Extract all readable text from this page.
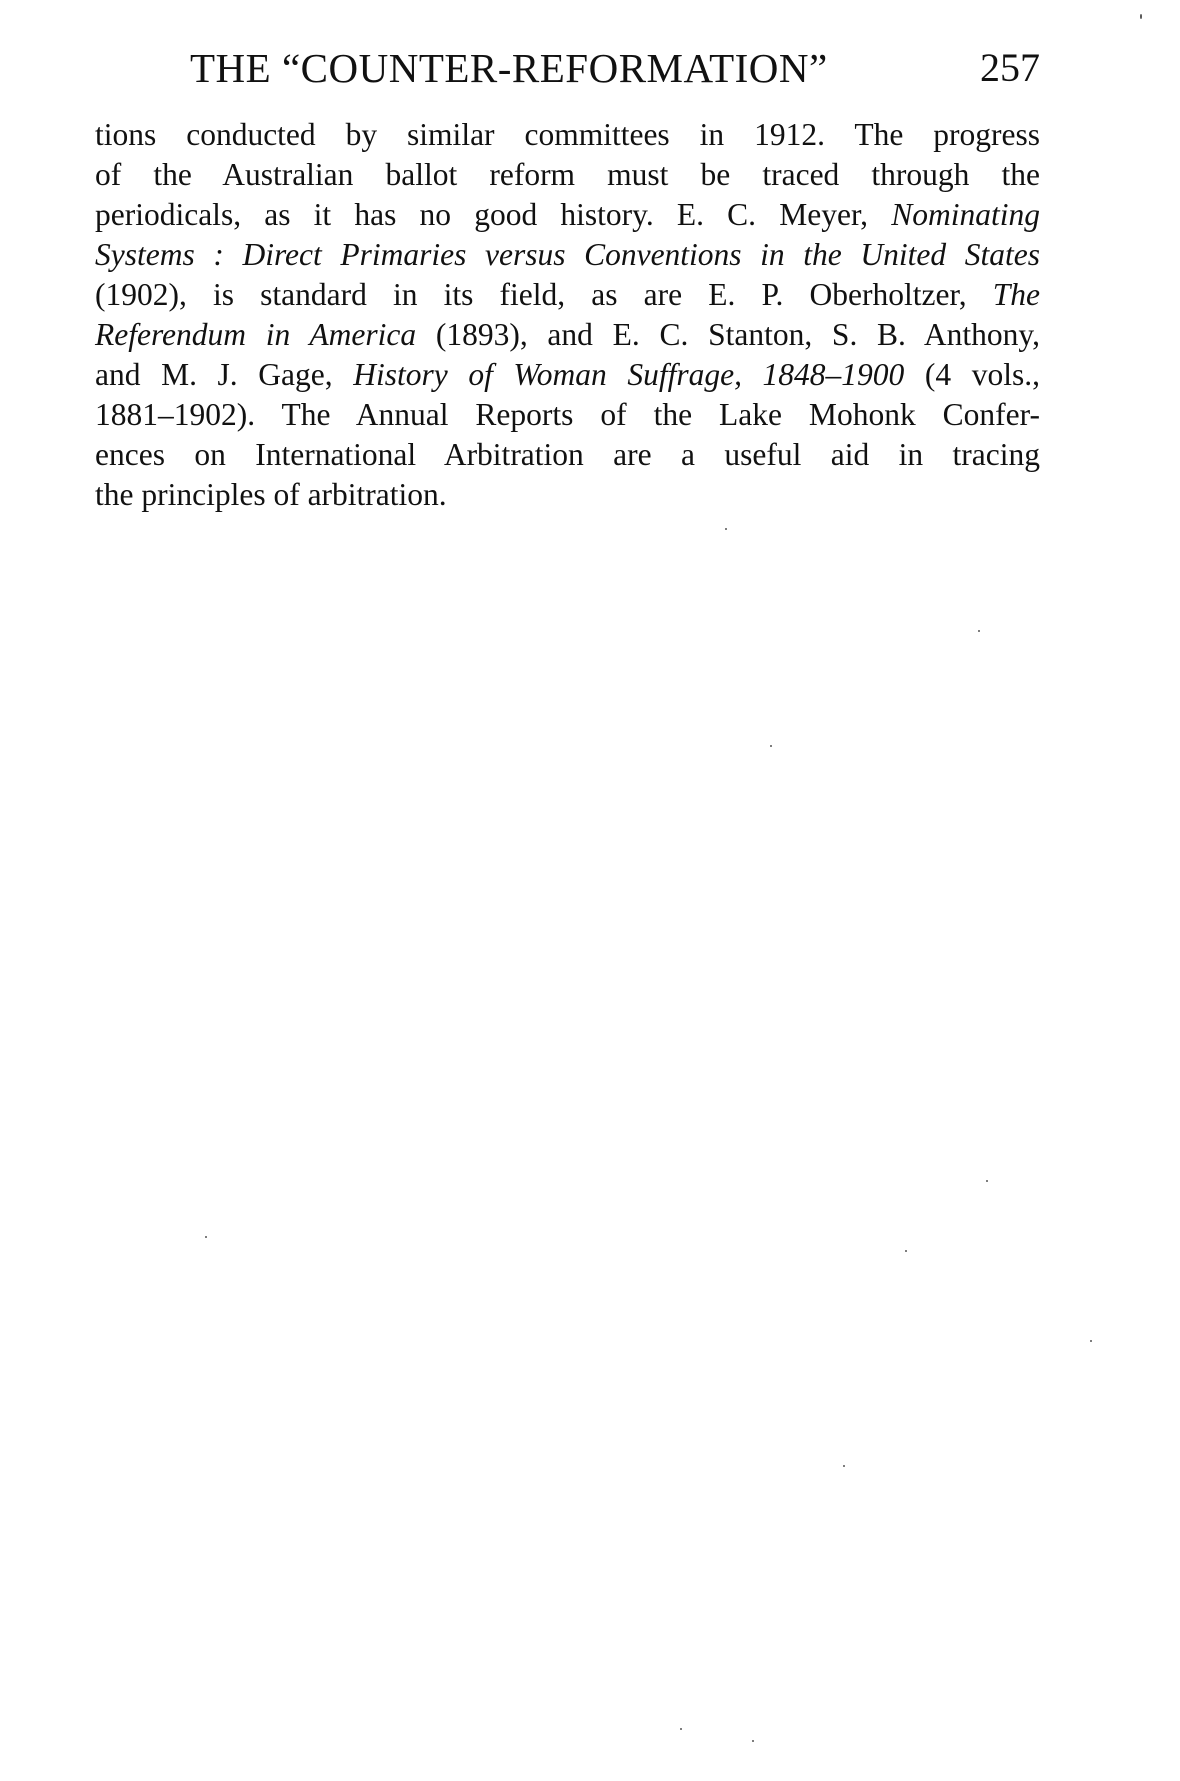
THE “COUNTER-REFORMATION”	257
tions conducted by similar committees in 1912. The progress
of the Australian ballot reform must be traced through the
periodicals, as it has no good history. E. C. Meyer, Nominating
Systems : Direct Primaries versus Conventions in the United States
(1902), is standard in its field, as are E. P. Oberholtzer, The
Referendum in America (1893), and E. C. Stanton, S. B. Anthony,
and M. J. Gage, History of Woman Suffrage, 1848–1900 (4 vols.,
1881–1902). The Annual Reports of the Lake Mohonk Confer-
ences on International Arbitration are a useful aid in tracing
the principles of arbitration.
